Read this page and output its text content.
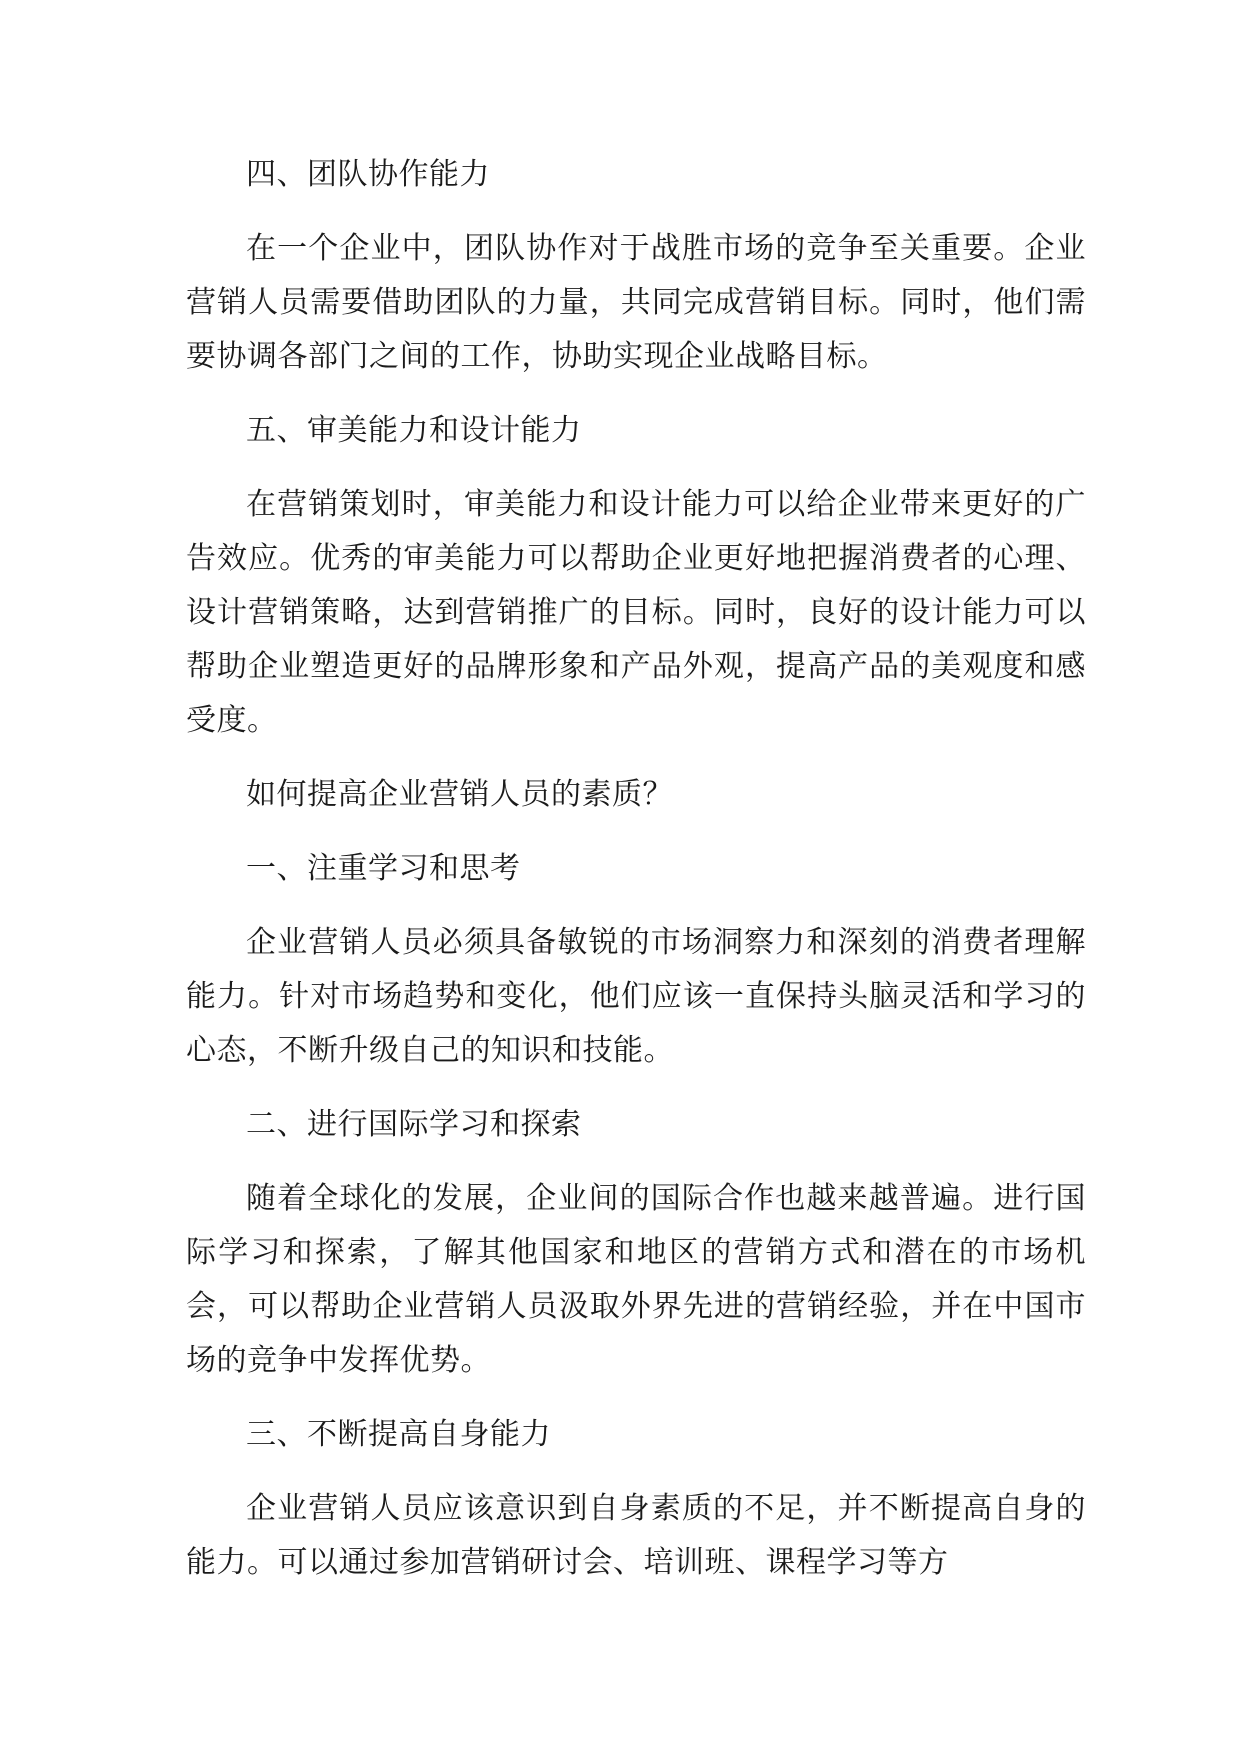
四、团队协作能力

在一个企业中，团队协作对于战胜市场的竞争至关重要。企业营销人员需要借助团队的力量，共同完成营销目标。同时，他们需要协调各部门之间的工作，协助实现企业战略目标。

五、审美能力和设计能力

在营销策划时，审美能力和设计能力可以给企业带来更好的广告效应。优秀的审美能力可以帮助企业更好地把握消费者的心理、设计营销策略，达到营销推广的目标。同时，良好的设计能力可以帮助企业塑造更好的品牌形象和产品外观，提高产品的美观度和感受度。

如何提高企业营销人员的素质？

一、注重学习和思考

企业营销人员必须具备敏锐的市场洞察力和深刻的消费者理解能力。针对市场趋势和变化，他们应该一直保持头脑灵活和学习的心态，不断升级自己的知识和技能。

二、进行国际学习和探索

随着全球化的发展，企业间的国际合作也越来越普遍。进行国际学习和探索，了解其他国家和地区的营销方式和潜在的市场机会，可以帮助企业营销人员汲取外界先进的营销经验，并在中国市场的竞争中发挥优势。

三、不断提高自身能力

企业营销人员应该意识到自身素质的不足，并不断提高自身的能力。可以通过参加营销研讨会、培训班、课程学习等方
